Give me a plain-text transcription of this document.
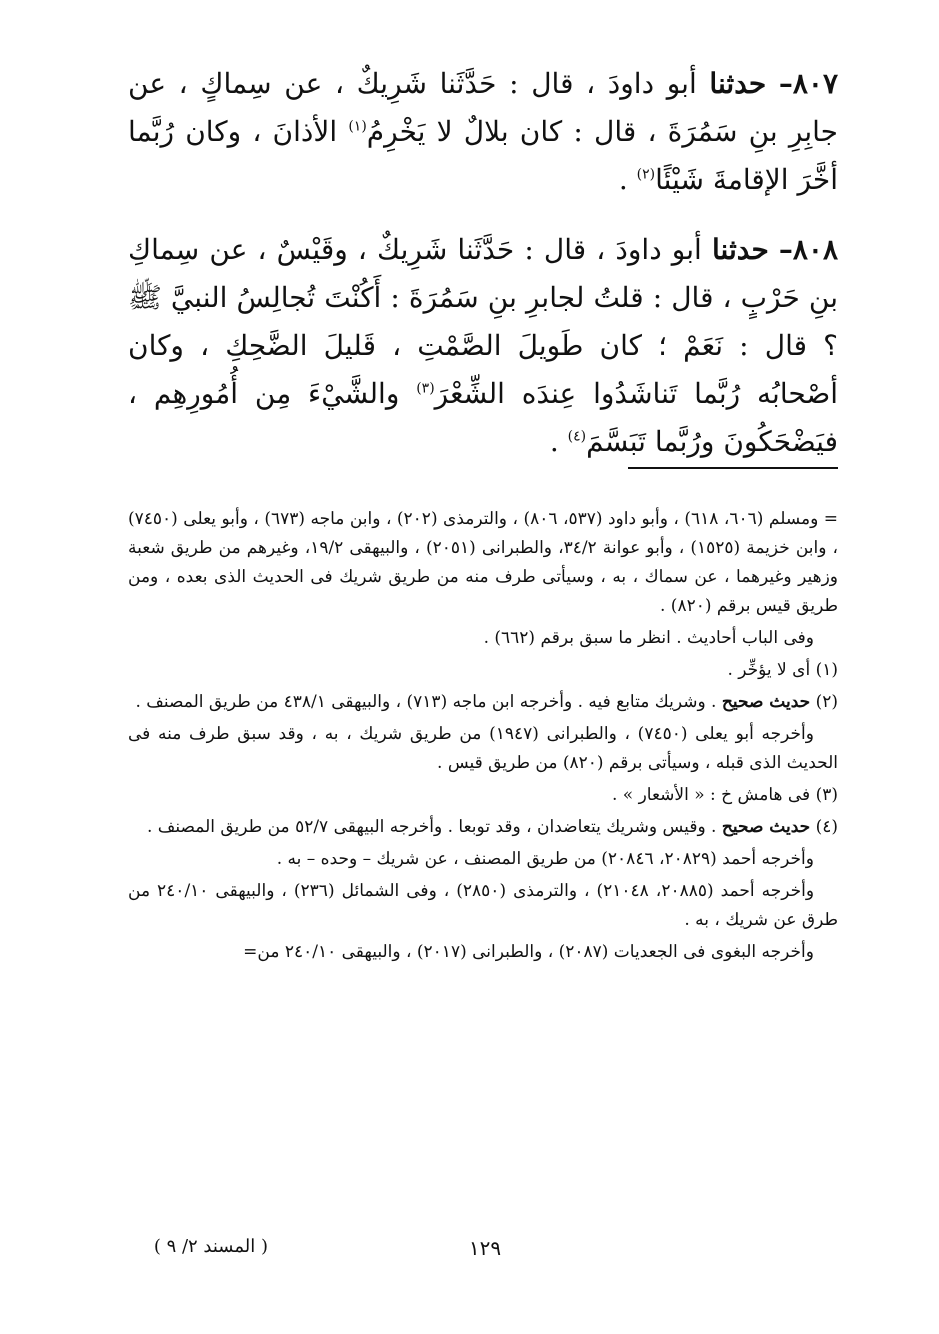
٨٠٧– حدثنا أبو داودَ ، قال : حَدَّثَنا شَرِيكٌ ، عن سِماكٍ ، عن جابِرِ بنِ سَمُرَةَ ، قال : كان بلالٌ لا يَخْرِمُ$^{(١)}$ الأذانَ ، وكان رُبَّما أخَّرَ الإقامةَ شَيْئًا$^{(٢)}$ .

٨٠٨– حدثنا أبو داودَ ، قال : حَدَّثَنا شَرِيكٌ ، وقَيْسٌ ، عن سِماكِ بنِ حَرْبٍ ، قال : قلتُ لجابرِ بنِ سَمُرَةَ : أَكُنْتَ تُجالِسُ النبيَّ ﷺ ؟ قال : نَعَمْ ؛ كان طَويلَ الصَّمْتِ ، قَليلَ الضَّحِكِ ، وكان أصْحابُه رُبَّما تَناشَدُوا عِندَه الشِّعْرَ$^{(٣)}$ والشَّيْءَ مِن أُمُورِهِم ، فيَضْحَكُونَ ورُبَّما تَبَسَّمَ$^{(٤)}$ .

= ومسلم (٦٠٦، ٦١٨) ، وأبو داود (٥٣٧، ٨٠٦) ، والترمذى (٢٠٢) ، وابن ماجه (٦٧٣) ، وأبو يعلى (٧٤٥٠) ، وابن خزيمة (١٥٢٥) ، وأبو عوانة ٣٤/٢، والطبرانى (٢٠٥١) ، والبيهقى ١٩/٢، وغيرهم من طريق شعبة وزهير وغيرهما ، عن سماك ، به ، وسيأتى طرف منه من طريق شريك فى الحديث الذى بعده ، ومن طريق قيس برقم (٨٢٠) .

وفى الباب أحاديث . انظر ما سبق برقم (٦٦٢) .

(١) أى لا يؤخِّر .

(٢) حديث صحيح . وشريك متابع فيه . وأخرجه ابن ماجه (٧١٣) ، والبيهقى ٤٣٨/١ من طريق المصنف .

وأخرجه أبو يعلى (٧٤٥٠) ، والطبرانى (١٩٤٧) من طريق شريك ، به ، وقد سبق طرف منه فى الحديث الذى قبله ، وسيأتى برقم (٨٢٠) من طريق قيس .

(٣) فى هامش خ : « الأشعار » .

(٤) حديث صحيح . وقيس وشريك يتعاضدان ، وقد توبعا . وأخرجه البيهقى ٥٢/٧ من طريق المصنف .

وأخرجه أحمد (٢٠٨٢٩، ٢٠٨٤٦) من طريق المصنف ، عن شريك – وحده – به .

وأخرجه أحمد (٢٠٨٨٥، ٢١٠٤٨) ، والترمذى (٢٨٥٠) ، وفى الشمائل (٢٣٦) ، والبيهقى ٢٤٠/١٠ من طرق عن شريك ، به .

وأخرجه البغوى فى الجعديات (٢٠٨٧) ، والطبرانى (٢٠١٧) ، والبيهقى ٢٤٠/١٠ من=

١٢٩
( المسند ٢/ ٩ )
